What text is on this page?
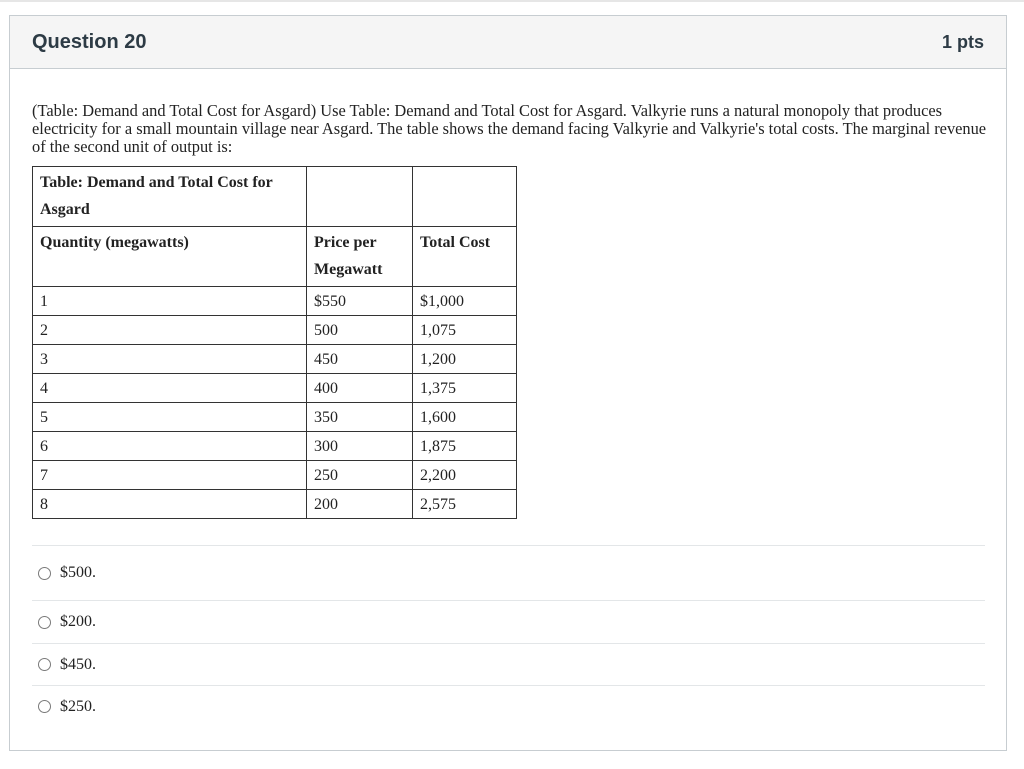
Question 20	1 pts

(Table: Demand and Total Cost for Asgard) Use Table: Demand and Total Cost for Asgard. Valkyrie runs a natural monopoly that produces electricity for a small mountain village near Asgard. The table shows the demand facing Valkyrie and Valkyrie's total costs. The marginal revenue of the second unit of output is:

Table: Demand and Total Cost for Asgard		
Quantity (megawatts)	Price per Megawatt	Total Cost
1	$550	$1,000
2	500	1,075
3	450	1,200
4	400	1,375
5	350	1,600
6	300	1,875
7	250	2,200
8	200	2,575
$500.
$200.
$450.
$250.
